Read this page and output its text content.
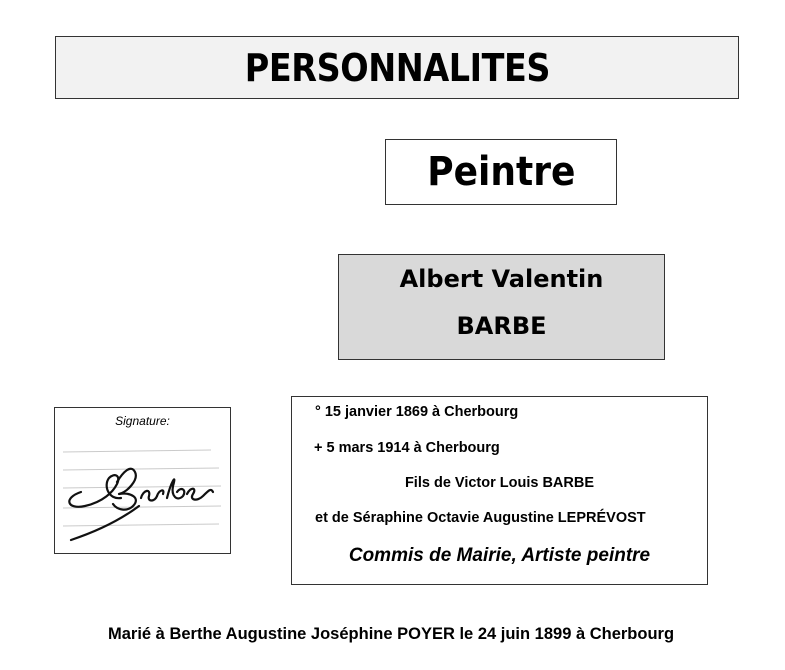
PERSONNALITES
Peintre
Albert Valentin
BARBE
Signature:
° 15 janvier 1869 à Cherbourg
+ 5 mars 1914 à Cherbourg
Fils de Victor Louis BARBE
et de Séraphine Octavie Augustine LEPRÉVOST
Commis de Mairie, Artiste peintre
Marié à Berthe Augustine Joséphine POYER le 24 juin 1899 à Cherbourg
